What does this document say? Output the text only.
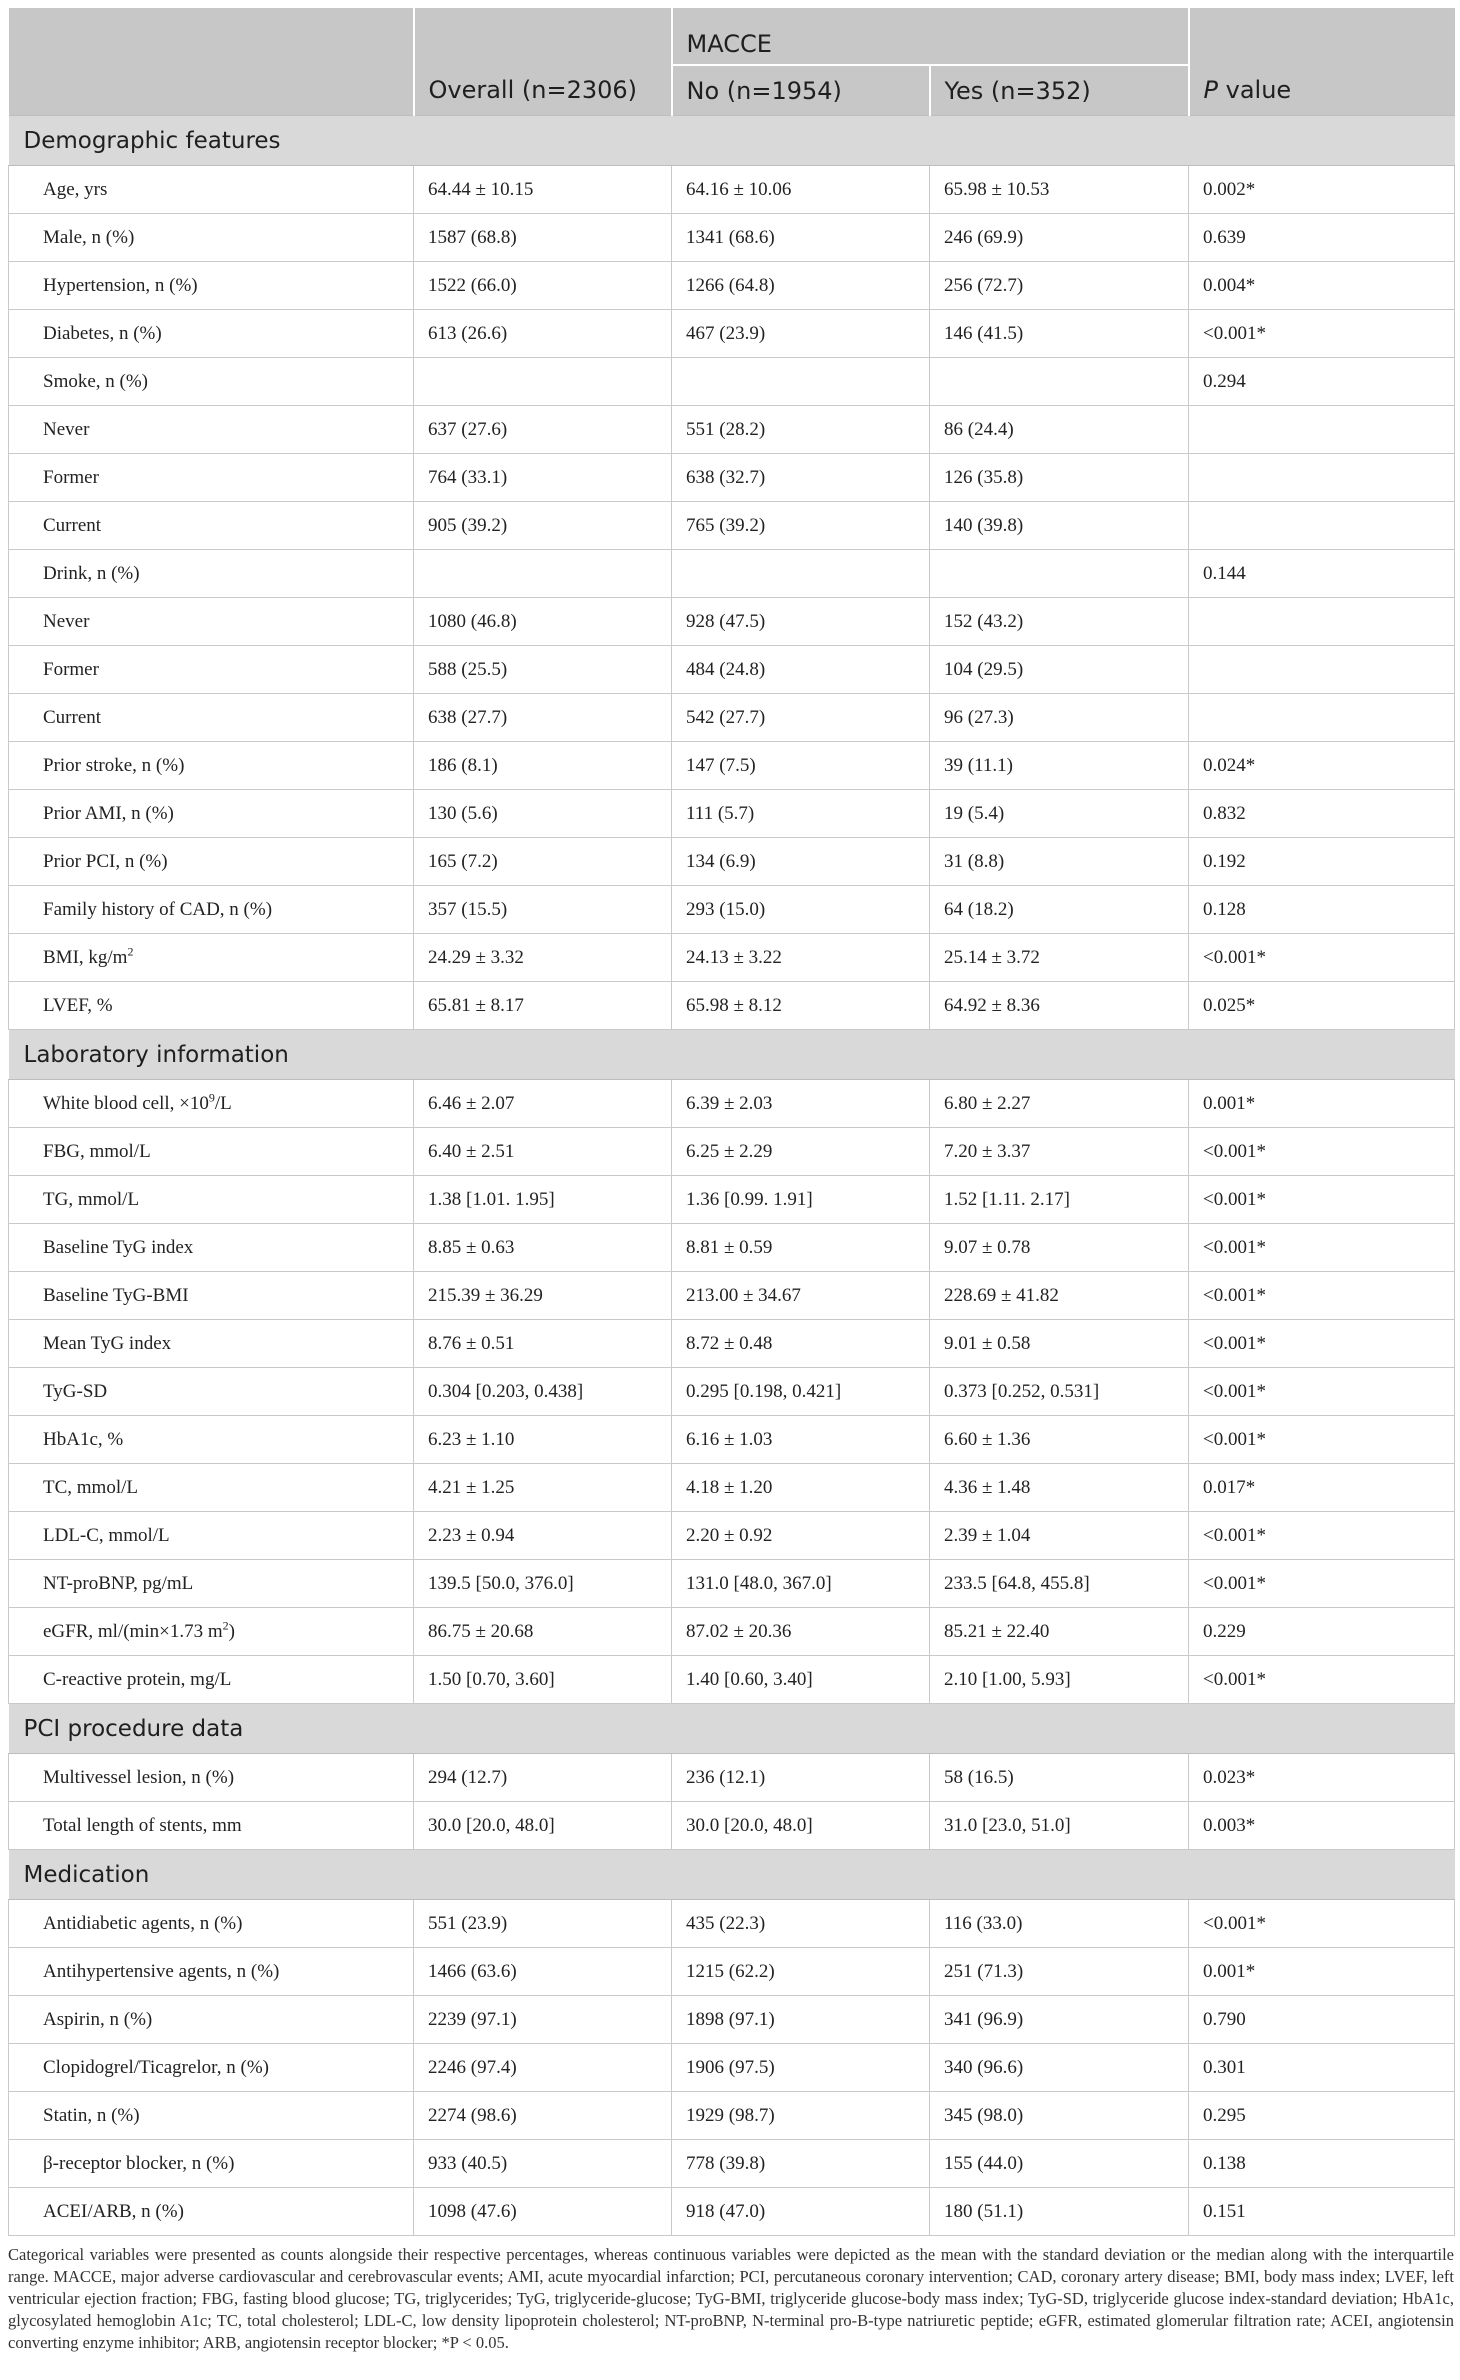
		MACCE		
	Overall (n=2306)	No (n=1954)	Yes (n=352)	P value
Demographic features				
Age, yrs	64.44 ± 10.15	64.16 ± 10.06	65.98 ± 10.53	0.002*
Male, n (%)	1587 (68.8)	1341 (68.6)	246 (69.9)	0.639
Hypertension, n (%)	1522 (66.0)	1266 (64.8)	256 (72.7)	0.004*
Diabetes, n (%)	613 (26.6)	467 (23.9)	146 (41.5)	<0.001*
Smoke, n (%)				0.294
Never	637 (27.6)	551 (28.2)	86 (24.4)	
Former	764 (33.1)	638 (32.7)	126 (35.8)	
Current	905 (39.2)	765 (39.2)	140 (39.8)	
Drink, n (%)				0.144
Never	1080 (46.8)	928 (47.5)	152 (43.2)	
Former	588 (25.5)	484 (24.8)	104 (29.5)	
Current	638 (27.7)	542 (27.7)	96 (27.3)	
Prior stroke, n (%)	186 (8.1)	147 (7.5)	39 (11.1)	0.024*
Prior AMI, n (%)	130 (5.6)	111 (5.7)	19 (5.4)	0.832
Prior PCI, n (%)	165 (7.2)	134 (6.9)	31 (8.8)	0.192
Family history of CAD, n (%)	357 (15.5)	293 (15.0)	64 (18.2)	0.128
BMI, $kg/m^2$	24.29 ± 3.32	24.13 ± 3.22	25.14 ± 3.72	<0.001*
LVEF, %	65.81 ± 8.17	65.98 ± 8.12	64.92 ± 8.36	0.025*
Laboratory information				
White blood cell, $\times 10^9/L$	6.46 ± 2.07	6.39 ± 2.03	6.80 ± 2.27	0.001*
FBG, mmol/L	6.40 ± 2.51	6.25 ± 2.29	7.20 ± 3.37	<0.001*
TG, mmol/L	1.38 [1.01. 1.95]	1.36 [0.99. 1.91]	1.52 [1.11. 2.17]	<0.001*
Baseline TyG index	8.85 ± 0.63	8.81 ± 0.59	9.07 ± 0.78	<0.001*
Baseline TyG-BMI	215.39 ± 36.29	213.00 ± 34.67	228.69 ± 41.82	<0.001*
Mean TyG index	8.76 ± 0.51	8.72 ± 0.48	9.01 ± 0.58	<0.001*
TyG-SD	0.304 [0.203, 0.438]	0.295 [0.198, 0.421]	0.373 [0.252, 0.531]	<0.001*
HbA1c, %	6.23 ± 1.10	6.16 ± 1.03	6.60 ± 1.36	<0.001*
TC, mmol/L	4.21 ± 1.25	4.18 ± 1.20	4.36 ± 1.48	0.017*
LDL-C, mmol/L	2.23 ± 0.94	2.20 ± 0.92	2.39 ± 1.04	<0.001*
NT-proBNP, pg/mL	139.5 [50.0, 376.0]	131.0 [48.0, 367.0]	233.5 [64.8, 455.8]	<0.001*
eGFR, ml/(min×1.73 $m^2$)	86.75 ± 20.68	87.02 ± 20.36	85.21 ± 22.40	0.229
C-reactive protein, mg/L	1.50 [0.70, 3.60]	1.40 [0.60, 3.40]	2.10 [1.00, 5.93]	<0.001*
PCI procedure data				
Multivessel lesion, n (%)	294 (12.7)	236 (12.1)	58 (16.5)	0.023*
Total length of stents, mm	30.0 [20.0, 48.0]	30.0 [20.0, 48.0]	31.0 [23.0, 51.0]	0.003*
Medication				
Antidiabetic agents, n (%)	551 (23.9)	435 (22.3)	116 (33.0)	<0.001*
Antihypertensive agents, n (%)	1466 (63.6)	1215 (62.2)	251 (71.3)	0.001*
Aspirin, n (%)	2239 (97.1)	1898 (97.1)	341 (96.9)	0.790
Clopidogrel/Ticagrelor, n (%)	2246 (97.4)	1906 (97.5)	340 (96.6)	0.301
Statin, n (%)	2274 (98.6)	1929 (98.7)	345 (98.0)	0.295
β-receptor blocker, n (%)	933 (40.5)	778 (39.8)	155 (44.0)	0.138
ACEI/ARB, n (%)	1098 (47.6)	918 (47.0)	180 (51.1)	0.151

Categorical variables were presented as counts alongside their respective percentages, whereas continuous variables were depicted as the mean with the standard deviation or the median along with the interquartile range. MACCE, major adverse cardiovascular and cerebrovascular events; AMI, acute myocardial infarction; PCI, percutaneous coronary intervention; CAD, coronary artery disease; BMI, body mass index; LVEF, left ventricular ejection fraction; FBG, fasting blood glucose; TG, triglycerides; TyG, triglyceride-glucose; TyG-BMI, triglyceride glucose-body mass index; TyG-SD, triglyceride glucose index-standard deviation; HbA1c, glycosylated hemoglobin A1c; TC, total cholesterol; LDL-C, low density lipoprotein cholesterol; NT-proBNP, N-terminal pro-B-type natriuretic peptide; eGFR, estimated glomerular filtration rate; ACEI, angiotensin converting enzyme inhibitor; ARB, angiotensin receptor blocker; *P < 0.05.
